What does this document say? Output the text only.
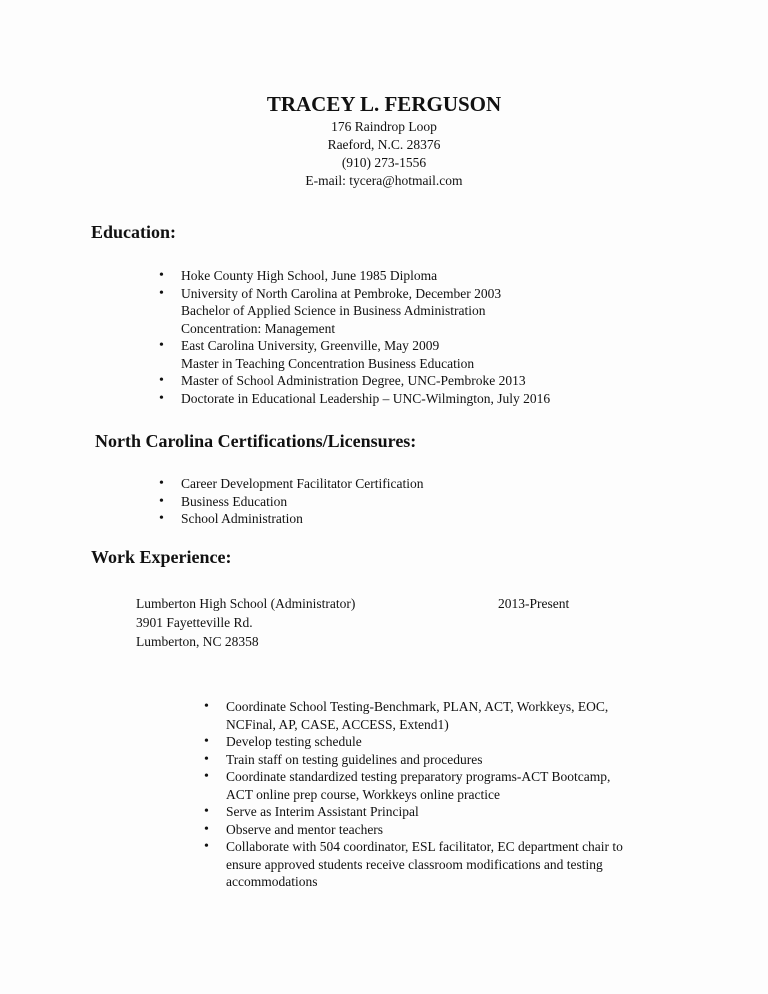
TRACEY L. FERGUSON
176 Raindrop Loop
Raeford, N.C. 28376
(910) 273-1556
E-mail: tycera@hotmail.com
Education:
• Hoke County High School, June 1985 Diploma
• University of North Carolina at Pembroke, December 2003
Bachelor of Applied Science in Business Administration
Concentration: Management
• East Carolina University, Greenville, May 2009
Master in Teaching Concentration Business Education
• Master of School Administration Degree, UNC-Pembroke 2013
• Doctorate in Educational Leadership – UNC-Wilmington, July 2016
North Carolina Certifications/Licensures:
• Career Development Facilitator Certification
• Business Education
• School Administration
Work Experience:
Lumberton High School (Administrator)	2013-Present
3901 Fayetteville Rd.
Lumberton, NC 28358
• Coordinate School Testing-Benchmark, PLAN, ACT, Workkeys, EOC,
NCFinal, AP, CASE, ACCESS, Extend1)
• Develop testing schedule
• Train staff on testing guidelines and procedures
• Coordinate standardized testing preparatory programs-ACT Bootcamp,
ACT online prep course, Workkeys online practice
• Serve as Interim Assistant Principal
• Observe and mentor teachers
• Collaborate with 504 coordinator, ESL facilitator, EC department chair to
ensure approved students receive classroom modifications and testing
accommodations
